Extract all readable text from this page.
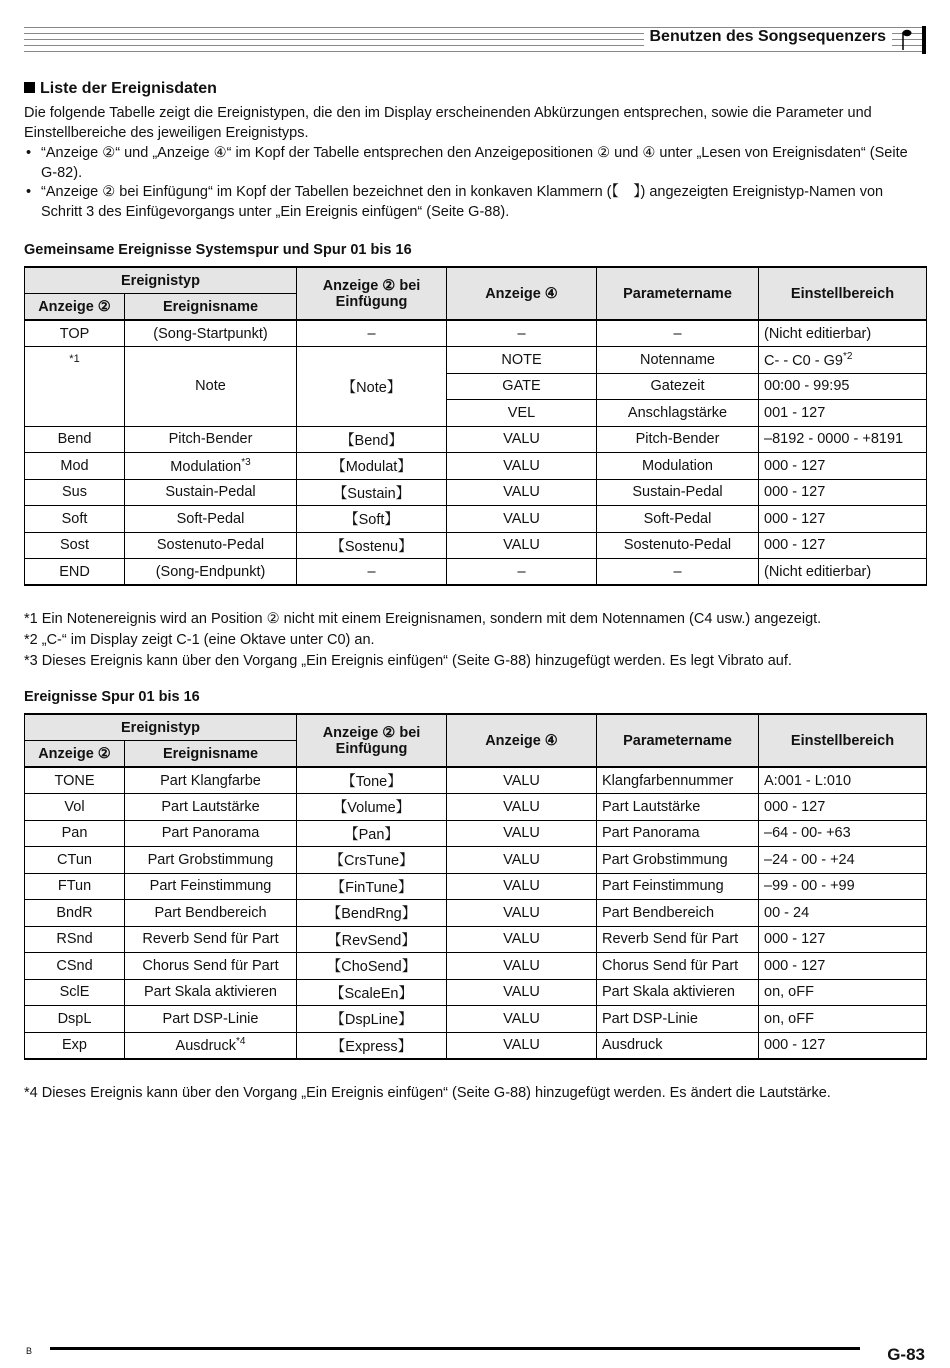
Benutzen des Songsequenzers
Liste der Ereignisdaten
Die folgende Tabelle zeigt die Ereignistypen, die den im Display erscheinenden Abkürzungen entsprechen, sowie die Parameter und Einstellbereiche des jeweiligen Ereignistyps.
• “Anzeige ②“ und „Anzeige ④“ im Kopf der Tabelle entsprechen den Anzeigepositionen ② und ④ unter „Lesen von Ereignisdaten“ (Seite G-82).
• “Anzeige ② bei Einfügung“ im Kopf der Tabellen bezeichnet den in konkaven Klammern (【　】) angezeigten Ereignistyp-Namen von Schritt 3 des Einfügevorgangs unter „Ein Ereignis einfügen“ (Seite G-88).
Gemeinsame Ereignisse Systemspur und Spur 01 bis 16
Ereignistyp		Anzeige ② bei Einfügung	Anzeige ④	Parametername	Einstellbereich
Anzeige ②	Ereignisname				
TOP	(Song-Startpunkt)	–	–	–	(Nicht editierbar)
*1	Note	【Note】	NOTE	Notenname	C- - C0 - G9$^{*2}$
			GATE	Gatezeit	00:00 - 99:95
			VEL	Anschlagstärke	001 - 127
Bend	Pitch-Bender	【Bend】	VALU	Pitch-Bender	–8192 - 0000 - +8191
Mod	Modulation$^{*3}$	【Modulat】	VALU	Modulation	000 - 127
Sus	Sustain-Pedal	【Sustain】	VALU	Sustain-Pedal	000 - 127
Soft	Soft-Pedal	【Soft】	VALU	Soft-Pedal	000 - 127
Sost	Sostenuto-Pedal	【Sostenu】	VALU	Sostenuto-Pedal	000 - 127
END	(Song-Endpunkt)	–	–	–	(Nicht editierbar)
*1 Ein Notenereignis wird an Position ② nicht mit einem Ereignisnamen, sondern mit dem Notennamen (C4 usw.) angezeigt.
*2 „C-“ im Display zeigt C-1 (eine Oktave unter C0) an.
*3 Dieses Ereignis kann über den Vorgang „Ein Ereignis einfügen“ (Seite G-88) hinzugefügt werden. Es legt Vibrato auf.
Ereignisse Spur 01 bis 16
Ereignistyp		Anzeige ② bei Einfügung	Anzeige ④	Parametername	Einstellbereich
Anzeige ②	Ereignisname				
TONE	Part Klangfarbe	【Tone】	VALU	Klangfarbennummer	A:001 - L:010
Vol	Part Lautstärke	【Volume】	VALU	Part Lautstärke	000 - 127
Pan	Part Panorama	【Pan】	VALU	Part Panorama	–64 - 00- +63
CTun	Part Grobstimmung	【CrsTune】	VALU	Part Grobstimmung	–24 - 00 - +24
FTun	Part Feinstimmung	【FinTune】	VALU	Part Feinstimmung	–99 - 00 - +99
BndR	Part Bendbereich	【BendRng】	VALU	Part Bendbereich	00 - 24
RSnd	Reverb Send für Part	【RevSend】	VALU	Reverb Send für Part	000 - 127
CSnd	Chorus Send für Part	【ChoSend】	VALU	Chorus Send für Part	000 - 127
SclE	Part Skala aktivieren	【ScaleEn】	VALU	Part Skala aktivieren	on, oFF
DspL	Part DSP-Linie	【DspLine】	VALU	Part DSP-Linie	on, oFF
Exp	Ausdruck$^{*4}$	【Express】	VALU	Ausdruck	000 - 127
*4 Dieses Ereignis kann über den Vorgang „Ein Ereignis einfügen“ (Seite G-88) hinzugefügt werden. Es ändert die Lautstärke.
B	G-83
